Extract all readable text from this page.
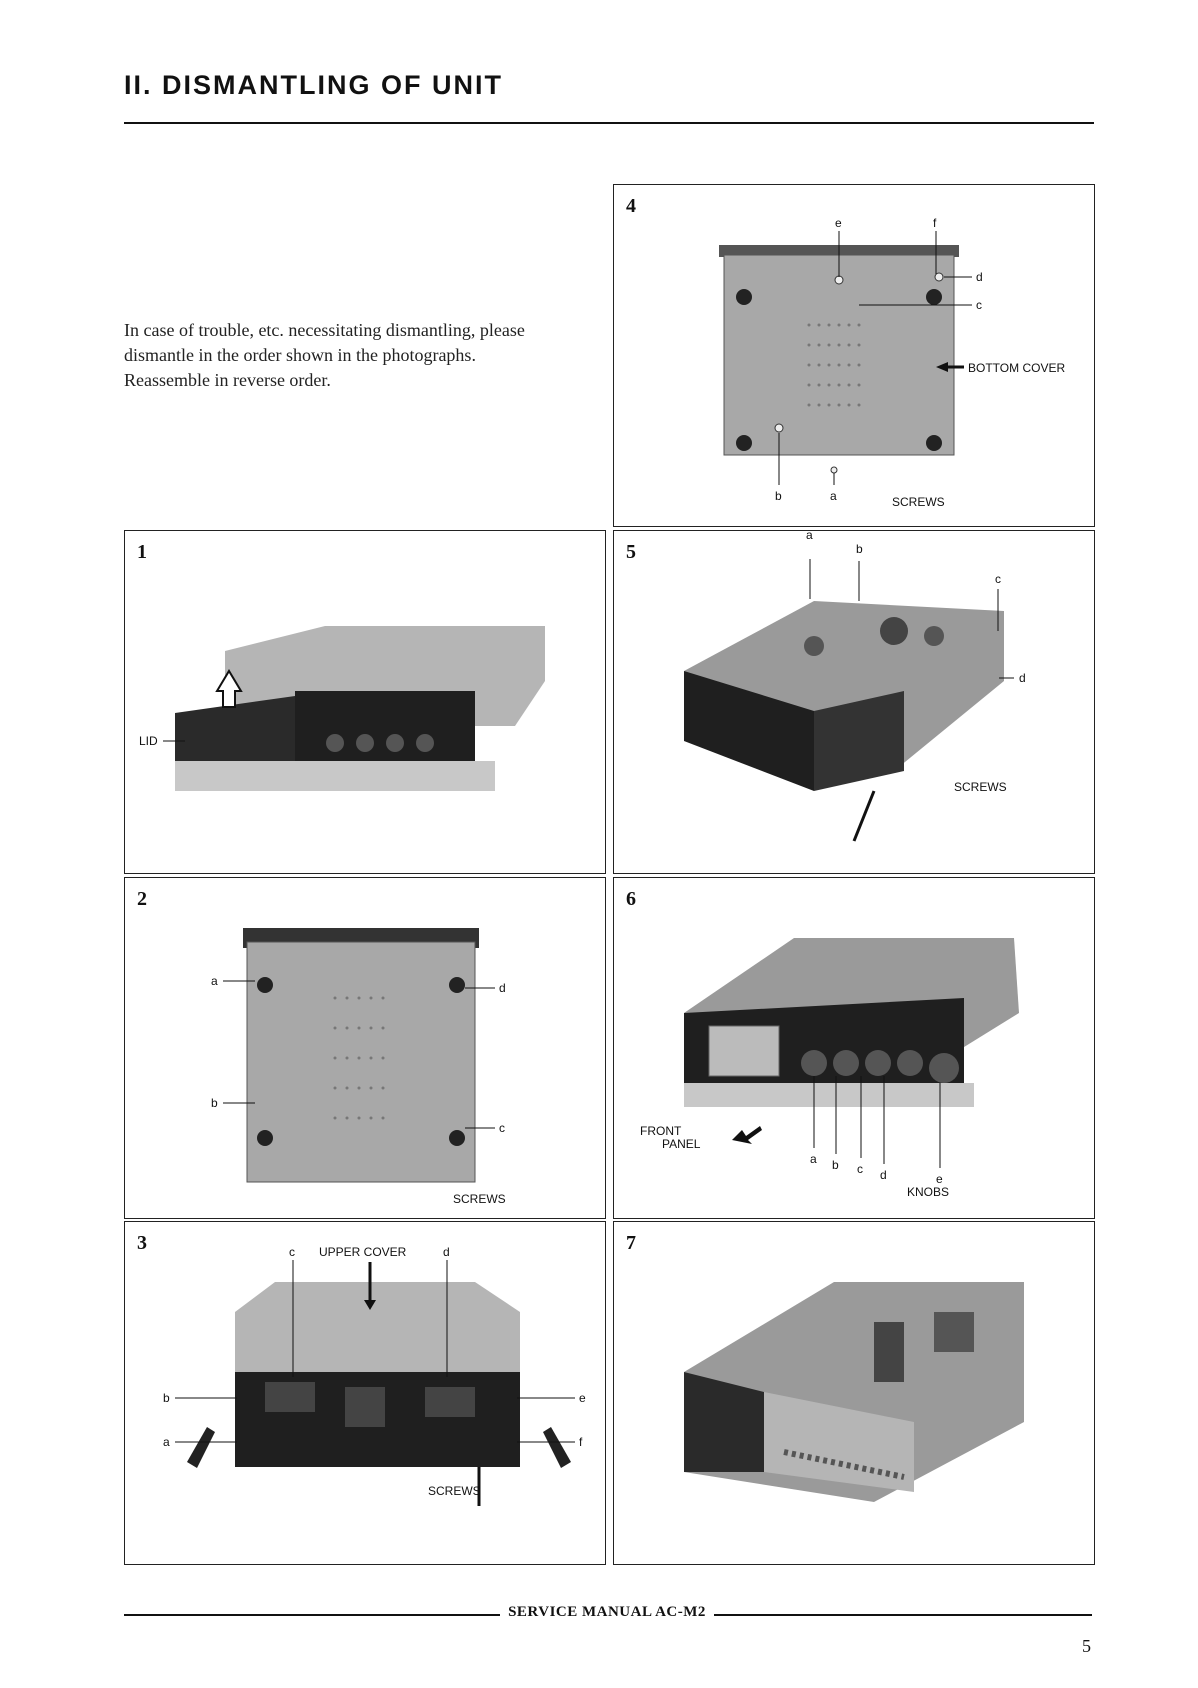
II. DISMANTLING OF UNIT

In case of trouble, etc. necessitating dismantling, please

dismantle in the order shown in the photographs.

Reassemble in reverse order.

e	f
d
c
BOTTOM COVER
b	a	SCREWS
4
LID
1
a
b
c
d
SCREWS
5
a
b
d
c
SCREWS
2
FRONT
PANEL
a b c d	e
KNOBS
6
c UPPER COVER	d
b
a
e
f
SCREWS
3	7
SERVICE MANUAL AC-M2
5
